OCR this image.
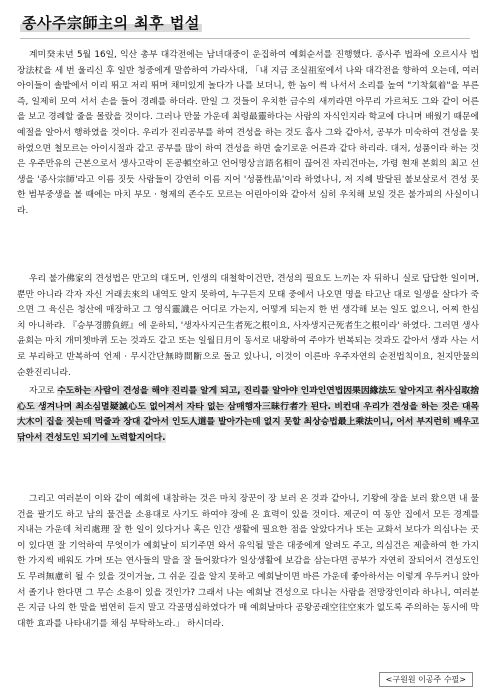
종사주宗師主의 최후 법설

계미癸未년 5월 16일, 익산 총부 대각전에는 남녀대중이 운집하여 예회순서를 진행했다. 종사주 법좌에 오르시사 법장法杖을 세 번 울리신 후 일반 청중에게 말씀하여 가라사대, 「내 지금 조실祖室에서 나와 대각전을 향하여 오는데, 여러 아이들이 솔밭에서 이리 뛰고 저리 뛰며 채미있게 놀다가 나를 보더니, 한 놈이 썩 나서서 소리를 높여 "기착氣着"을 부른 즉, 일제히 모여 서서 손을 들어 경례를 하더라. 만일 그 것들이 우치한 금수의 새끼라면 아무리 가르쳐도 그와 같이 어른을 보고 경례할 줄을 몰랐을 것이다. 그러나 만물 가운데 최령最靈하다는 사람의 자식인지라 학교에 다니며 배웠기 때문에 예절을 알아서 행하였을 것이다. 우리가 진리공부를 하여 견성을 하는 것도 흡사 그와 같아서, 공부가 미숙하여 견성을 못하였으면 철모르는 아이시절과 같고 공부를 많이 하여 견성을 하면 술기로운 어른과 같다 하리라. 대저, 성품이라 하는 것은 우주만유의 근본으로서 생사고락이 돈공頓空하고 언어명상言語名相이 끊어진 자리건마는, 가령 현재 본회의 최고 선생을 '종사宗師'라고 이름 짓듯 사람들이 강연히 이름 지어 '성품性品'이라 하였나니, 저 지혜 발달된 불보살로서 견성 못한 범부중생을 볼 때에는 마치 부모 · 형제의 존수도 모르는 어린아이와 같아서 심히 우치해 보일 것은 불가피의 사실이니라.

우리 불가佛家의 견성법은 만고의 대도며, 인생의 대철학이건만, 견성의 필요도 느끼는 자 뒤하니 실로 답답한 일이며, 뿐만 아니라 각자 자신 거래去來의 내역도 알지 못하여, 누구든지 모태 중에서 나오면 명을 타고난 대로 일생을 살다가 죽으면 그 육신은 청산에 매장하고 그 영식靈識은 어디로 가는지, 어떻게 되는지 한 번 생각해 보는 일도 없으니, 어찌 한심치 아니하랴. 『승부경勝負經』에 운하되, '생자사지근生者死之根이요, 사자생지근死者生之根이라' 하였다. 그러면 생사윤회는 마치 개미쳇바퀴 도는 것과도 같고 또는 일월日月이 동서로 내왕하여 주야가 번복되는 것과도 같아서 생과 사는 서로 부리하고 반복하여 언제 · 무시간단無時間斷으로 돌고 있나니, 이것이 이른바 우주자연의 순전법칙이요, 천지만물의 순환진리니라.

자고로 수도하는 사람이 견성을 해야 진리를 알게 되고, 진리를 알아야 인과인연법因果因緣法도 알아지고 취사심取捨心도 생겨나며 최소심멸疑滅心도 없어져서 자타 없는 삼매행자三昧行者가 된다. 비컨대 우리가 견성을 하는 것은 대목大木이 집을 짓는데 먹줄과 장대 같아서 인도人道를 발아가는데 없지 못할 최상승법最上乘法이니, 어서 부지런히 배우고 닦아서 견성도인 되기에 노력할지어다.

그리고 여러분이 이와 같이 예회에 내참하는 것은 마치 장꾼이 장 보러 온 것과 같아니, 기왕에 장을 보러 왔으면 내 물건을 팔기도 하고 남의 물건을 소용대로 사기도 하여야 장에 온 효력이 있을 것이다. 제군이 여 동안 집에서 모든 경계를 지내는 가운데 처리處理 잘 한 일이 있다거나 혹은 인간 생활에 필요한 점을 알았다거나 또는 교화서 보다가 의심나는 곳이 있다면 잘 기억하여 무엇이가 예회날이 되기주면 와서 유익될 말은 대중에게 알려도 주고, 의심건은 제출하여 한 가지 한 가지씩 배워도 가며 또는 연사들의 말을 잘 들어왔다가 일상생활에 보감을 삼는다면 공부가 자연히 잘되어서 견성도인도 무려無慮히 될 수 있을 것이거늘, 그 쉬운 길을 알지 못하고 예회날이면 바른 가운데 좋아하서는 이렇게 우두커니 앉아서 졸기나 한다면 그 무슨 소용이 있을 것인가? 그래서 나는 예회날 견성으로 다니는 사람을 전망장인이라 하나니, 여러분은 지금 나의 한 말을 범연히 듣지 말고 각골명심하였다가 매 예회날마다 공왕공래空往空來가 없도록 주의하는 동시에 막대한 효과를 나타내기를 채심 부탁하노라.」 하시더라.

<구원원 이공주 수필>
